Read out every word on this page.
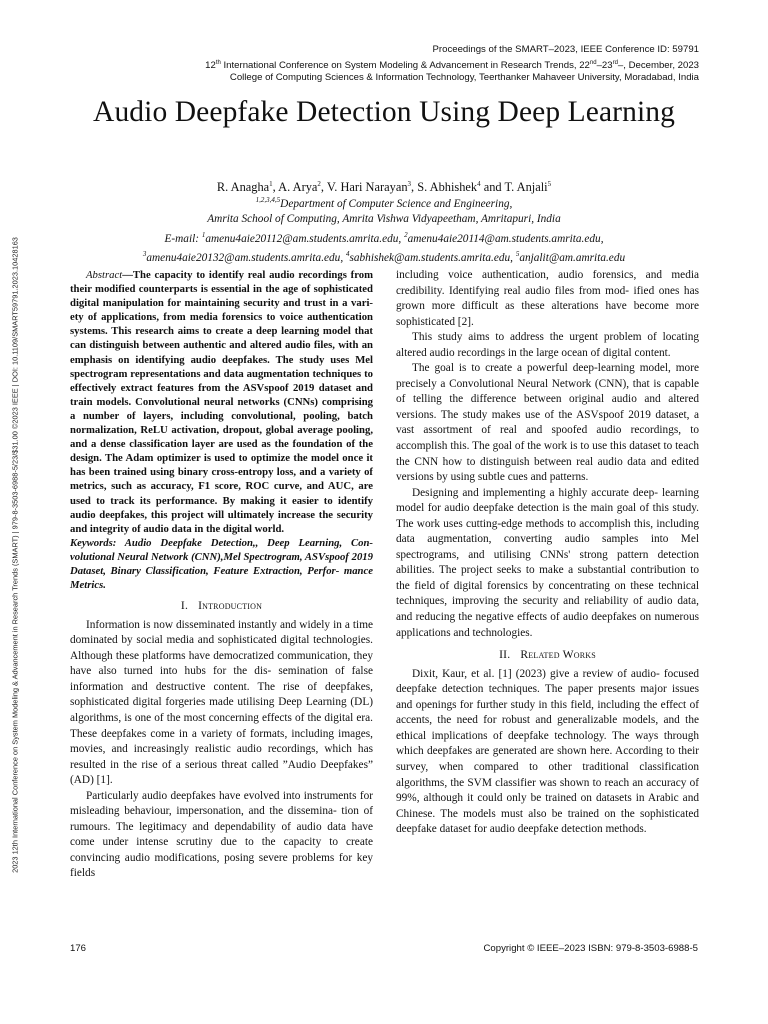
2023 12th International Conference on System Modeling & Advancement in Research Trends (SMART) | 979-8-3503-6988-5/23/$31.00 ©2023 IEEE | DOI: 10.1109/SMART59791.2023.10428163
Proceedings of the SMART–2023, IEEE Conference ID: 59791
12th International Conference on System Modeling & Advancement in Research Trends, 22nd–23rd–, December, 2023
College of Computing Sciences & Information Technology, Teerthanker Mahaveer University, Moradabad, India
Audio Deepfake Detection Using Deep Learning
R. Anagha$^1$, A. Arya$^2$, V. Hari Narayan$^3$, S. Abhishek$^4$ and T. Anjali$^5$
$^{1,2,3,4,5}$Department of Computer Science and Engineering,
Amrita School of Computing, Amrita Vishwa Vidyapeetham, Amritapuri, India
E-mail: $^1$amenu4aie20112@am.students.amrita.edu, $^2$amenu4aie20114@am.students.amrita.edu,
$^3$amenu4aie20132@am.students.amrita.edu, $^4$sabhishek@am.students.amrita.edu, $^5$anjalit@am.amrita.edu

Abstract—The capacity to identify real audio recordings from their modified counterparts is essential in the age of sophisticated digital manipulation for maintaining security and trust in a vari- ety of applications, from media forensics to voice authentication systems. This research aims to create a deep learning model that can distinguish between authentic and altered audio files, with an emphasis on identifying audio deepfakes. The study uses Mel spectrogram representations and data augmentation techniques to effectively extract features from the ASVspoof 2019 dataset and train models. Convolutional neural networks (CNNs) comprising a number of layers, including convolutional, pooling, batch normalization, ReLU activation, dropout, global average pooling, and a dense classification layer are used as the foundation of the design. The Adam optimizer is used to optimize the model once it has been trained using binary cross-entropy loss, and a variety of metrics, such as accuracy, F1 score, ROC curve, and AUC, are used to track its performance. By making it easier to identify audio deepfakes, this project will ultimately increase the security and integrity of audio data in the digital world.

Keywords: Audio Deepfake Detection,, Deep Learning, Con- volutional Neural Network (CNN),Mel Spectrogram, ASVspoof 2019 Dataset, Binary Classification, Feature Extraction, Perfor- mance Metrics.

I. Introduction

Information is now disseminated instantly and widely in a time dominated by social media and sophisticated digital technologies. Although these platforms have democratized communication, they have also turned into hubs for the dis- semination of false information and destructive content. The rise of deepfakes, sophisticated digital forgeries made utilising Deep Learning (DL) algorithms, is one of the most concerning effects of the digital era. These deepfakes come in a variety of formats, including images, movies, and increasingly realistic audio recordings, which has resulted in the rise of a serious threat called ”Audio Deepfakes” (AD) [1].

Particularly audio deepfakes have evolved into instruments for misleading behaviour, impersonation, and the dissemina- tion of rumours. The legitimacy and dependability of audio data have come under intense scrutiny due to the capacity to create convincing audio modifications, posing severe problems for key fields

including voice authentication, audio forensics, and media credibility. Identifying real audio files from mod- ified ones has grown more difficult as these alterations have become more sophisticated [2].

This study aims to address the urgent problem of locating altered audio recordings in the large ocean of digital content.

The goal is to create a powerful deep-learning model, more precisely a Convolutional Neural Network (CNN), that is capable of telling the difference between original audio and altered versions. The study makes use of the ASVspoof 2019 dataset, a vast assortment of real and spoofed audio recordings, to accomplish this. The goal of the work is to use this dataset to teach the CNN how to distinguish between real audio data and edited versions by using subtle cues and patterns.

Designing and implementing a highly accurate deep- learning model for audio deepfake detection is the main goal of this study. The work uses cutting-edge methods to accomplish this, including data augmentation, converting audio samples into Mel spectrograms, and utilising CNNs' strong pattern detection abilities. The project seeks to make a substantial contribution to the field of digital forensics by concentrating on these technical techniques, improving the security and reliability of audio data, and reducing the negative effects of audio deepfakes on numerous applications and technologies.

II. Related Works

Dixit, Kaur, et al. [1] (2023) give a review of audio- focused deepfake detection techniques. The paper presents major issues and openings for further study in this field, including the effect of accents, the need for robust and generalizable models, and the ethical implications of deepfake technology. The ways through which deepfakes are generated are shown here. According to their survey, when compared to other traditional classification algorithms, the SVM classifier was shown to reach an accuracy of 99%, although it could only be trained on datasets in Arabic and Chinese. The models must also be trained on the sophisticated deepfake dataset for audio deepfake detection methods.

176	Copyright © IEEE–2023 ISBN: 979-8-3503-6988-5
